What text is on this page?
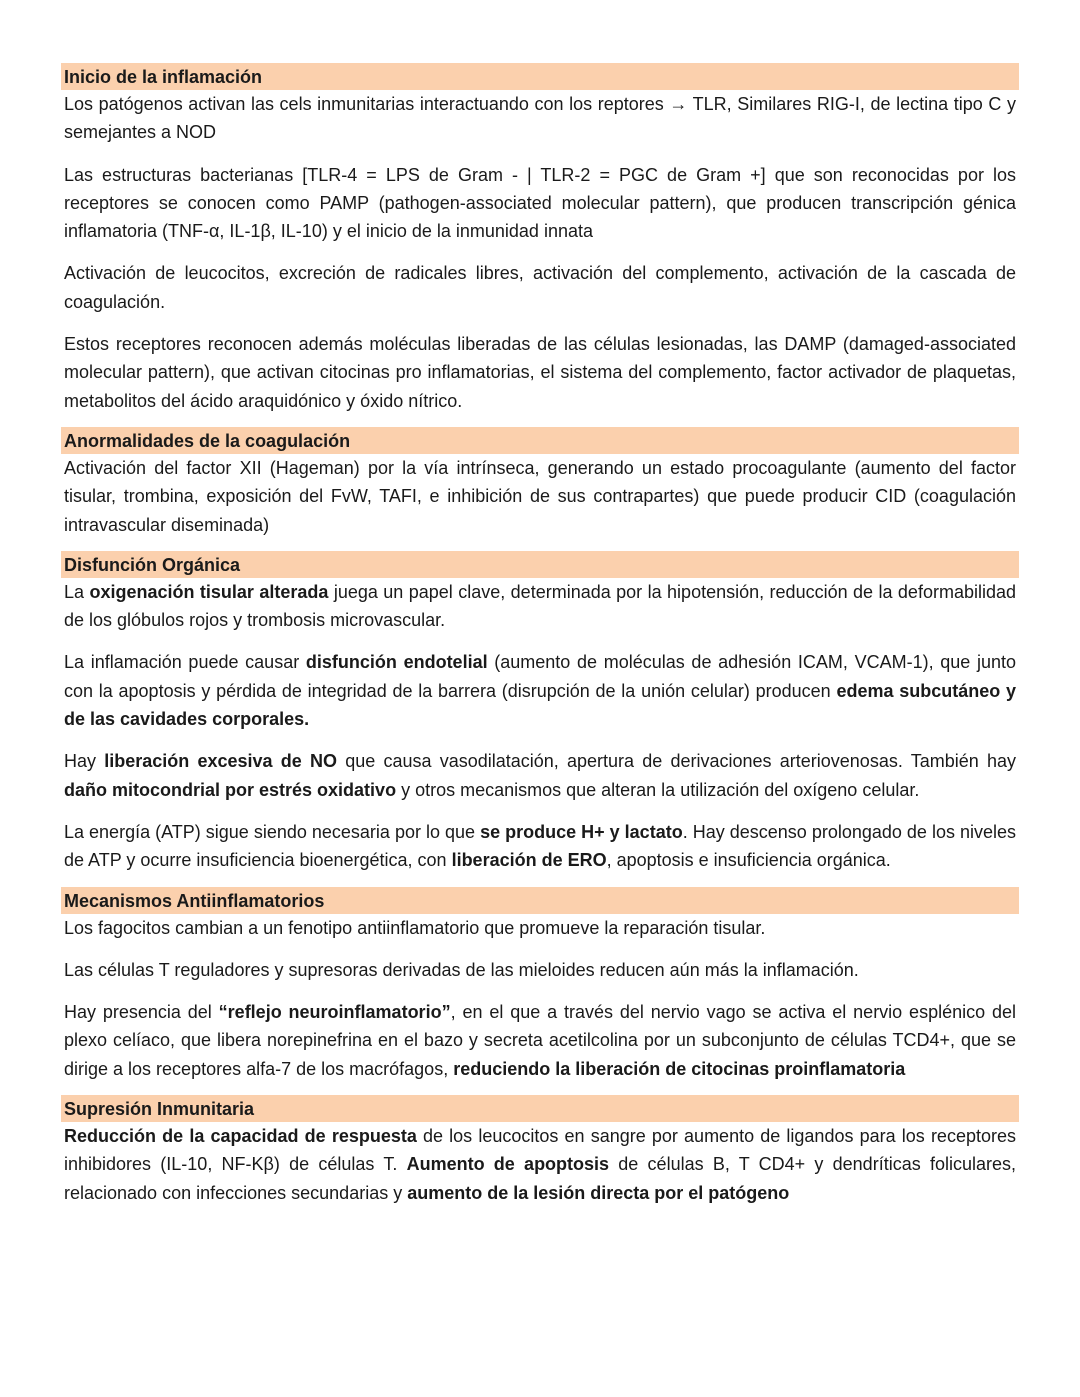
Inicio de la inflamación

Los patógenos activan las cels inmunitarias interactuando con los reptores → TLR, Similares RIG-I, de lectina tipo C y semejantes a NOD

Las estructuras bacterianas [TLR-4 = LPS de Gram - | TLR-2 = PGC de Gram +] que son reconocidas por los receptores se conocen como PAMP (pathogen-associated molecular pattern), que producen transcripción génica inflamatoria (TNF-α, IL-1β, IL-10) y el inicio de la inmunidad innata

Activación de leucocitos, excreción de radicales libres, activación del complemento, activación de la cascada de coagulación.

Estos receptores reconocen además moléculas liberadas de las células lesionadas, las DAMP (damaged-associated molecular pattern), que activan citocinas pro inflamatorias, el sistema del complemento, factor activador de plaquetas, metabolitos del ácido araquidónico y óxido nítrico.

Anormalidades de la coagulación

Activación del factor XII (Hageman) por la vía intrínseca, generando un estado procoagulante (aumento del factor tisular, trombina, exposición del FvW, TAFI, e inhibición de sus contrapartes) que puede producir CID (coagulación intravascular diseminada)

Disfunción Orgánica

La oxigenación tisular alterada juega un papel clave, determinada por la hipotensión, reducción de la deformabilidad de los glóbulos rojos y trombosis microvascular.

La inflamación puede causar disfunción endotelial (aumento de moléculas de adhesión ICAM, VCAM-1), que junto con la apoptosis y pérdida de integridad de la barrera (disrupción de la unión celular) producen edema subcutáneo y de las cavidades corporales.

Hay liberación excesiva de NO que causa vasodilatación, apertura de derivaciones arteriovenosas. También hay daño mitocondrial por estrés oxidativo y otros mecanismos que alteran la utilización del oxígeno celular.

La energía (ATP) sigue siendo necesaria por lo que se produce H+ y lactato. Hay descenso prolongado de los niveles de ATP y ocurre insuficiencia bioenergética, con liberación de ERO, apoptosis e insuficiencia orgánica.

Mecanismos Antiinflamatorios

Los fagocitos cambian a un fenotipo antiinflamatorio que promueve la reparación tisular.

Las células T reguladores y supresoras derivadas de las mieloides reducen aún más la inflamación.

Hay presencia del “reflejo neuroinflamatorio”, en el que a través del nervio vago se activa el nervio esplénico del plexo celíaco, que libera norepinefrina en el bazo y secreta acetilcolina por un subconjunto de células TCD4+, que se dirige a los receptores alfa-7 de los macrófagos, reduciendo la liberación de citocinas proinflamatoria

Supresión Inmunitaria

Reducción de la capacidad de respuesta de los leucocitos en sangre por aumento de ligandos para los receptores inhibidores (IL-10, NF-Kβ) de células T. Aumento de apoptosis de células B, T CD4+ y dendríticas foliculares, relacionado con infecciones secundarias y aumento de la lesión directa por el patógeno
